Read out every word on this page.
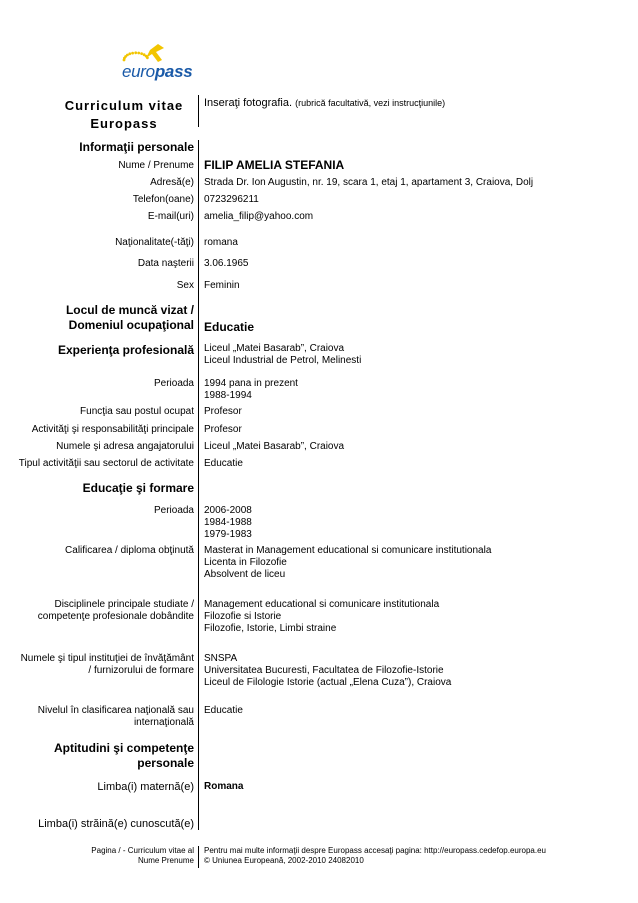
europass
Curriculum vitae
Europass
Inseraţi fotografia. (rubrică facultativă, vezi instrucţiunile)
Informaţii personale
Nume / Prenume FILIP AMELIA STEFANIA
Adresă(e) Strada Dr. Ion Augustin, nr. 19, scara 1, etaj 1, apartament 3, Craiova, Dolj
Telefon(oane) 0723296211
E-mail(uri) amelia_filip@yahoo.com
Naţionalitate(-tăţi) romana
Data naşterii 3.06.1965
Sex Feminin
Locul de muncă vizat /
Domeniul ocupaţional Educatie
Experienţa profesională Liceul „Matei Basarab”, Craiova
Liceul Industrial de Petrol, Melinesti
Perioada 1994 pana in prezent
1988-1994
Funcţia sau postul ocupat Profesor
Activităţi şi responsabilităţi principale Profesor
Numele şi adresa angajatorului Liceul „Matei Basarab”, Craiova
Tipul activităţii sau sectorul de activitate Educatie
Educaţie şi formare
Perioada 2006-2008
1984-1988
1979-1983
Calificarea / diploma obţinută Masterat in Management educational si comunicare institutionala
Licenta in Filozofie
Absolvent de liceu
Disciplinele principale studiate /
competenţe profesionale dobândite
Management educational si comunicare institutionala
Filozofie si Istorie
Filozofie, Istorie, Limbi straine
Numele şi tipul instituţiei de învăţământ
/ furnizorului de formare
SNSPA
Universitatea Bucuresti, Facultatea de Filozofie-Istorie
Liceul de Filologie Istorie (actual „Elena Cuza”), Craiova
Nivelul în clasificarea naţională sau
internaţională
Educatie
Aptitudini şi competenţe
personale
Limba(i) maternă(e) Romana
Limba(i) străină(e) cunoscută(e)
Pagina / - Curriculum vitae al
Nume Prenume
Pentru mai multe informaţii despre Europass accesaţi pagina: http://europass.cedefop.europa.eu
© Uniunea Europeană, 2002-2010 24082010
